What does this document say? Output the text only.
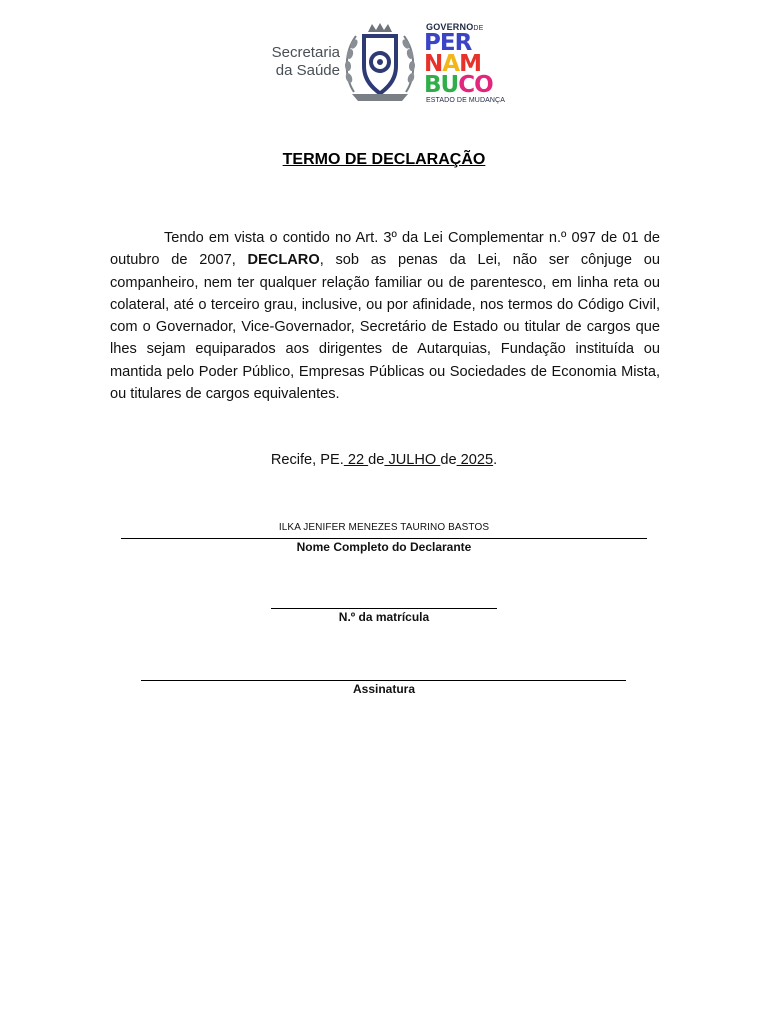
Secretaria
da Saúde
GOVERNODE
PER
NAM
BUCO
ESTADO DE MUDANÇA
TERMO DE DECLARAÇÃO
Tendo em vista o contido no Art. 3º da Lei Complementar n.º 097 de 01 de outubro de 2007, DECLARO, sob as penas da Lei, não ser cônjuge ou companheiro, nem ter qualquer relação familiar ou de parentesco, em linha reta ou colateral, até o terceiro grau, inclusive, ou por afinidade, nos termos do Código Civil, com o Governador, Vice-Governador, Secretário de Estado ou titular de cargos que lhes sejam equiparados aos dirigentes de Autarquias, Fundação instituída ou mantida pelo Poder Público, Empresas Públicas ou Sociedades de Economia Mista, ou titulares de cargos equivalentes.
Recife, PE. 22 de JULHO de 2025.
ILKA JENIFER MENEZES TAURINO BASTOS
Nome Completo do Declarante
N.º da matrícula
Assinatura
